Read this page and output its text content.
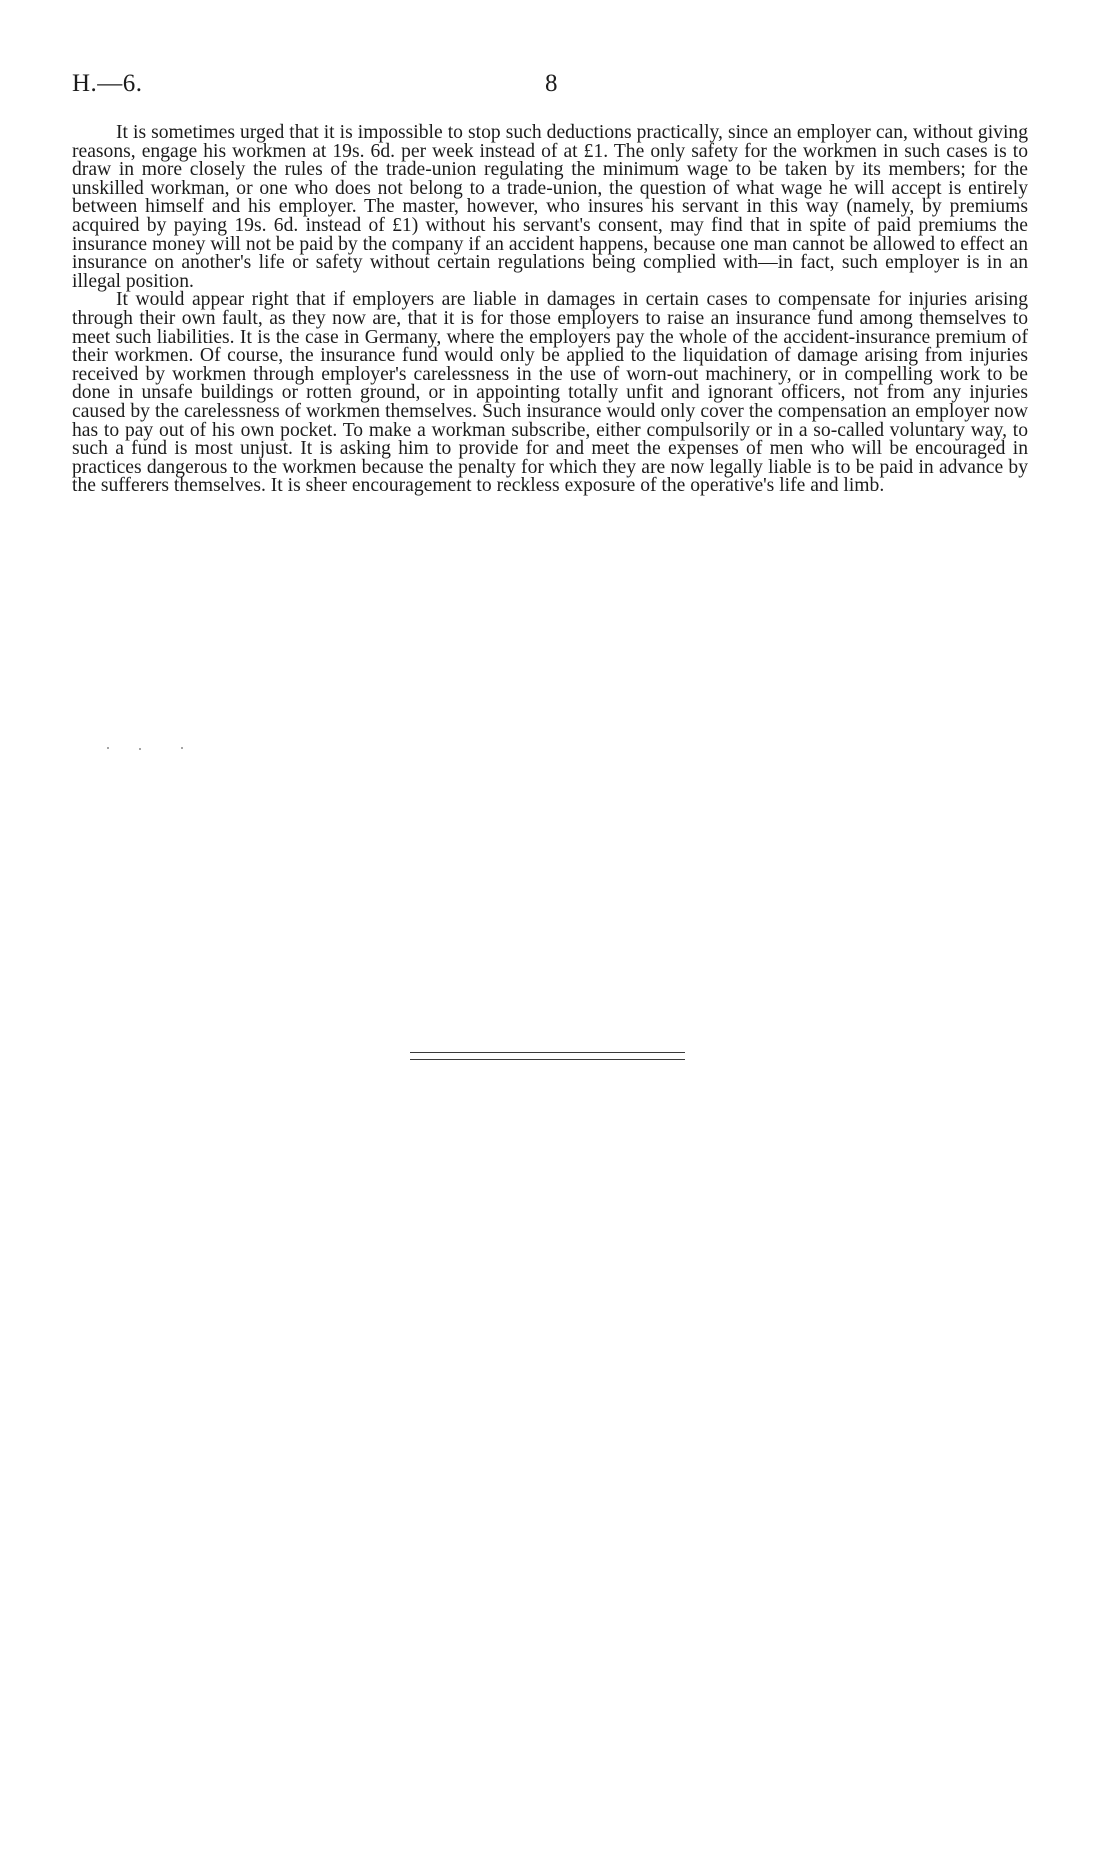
H.—6.	8

It is sometimes urged that it is impossible to stop such deductions practically, since an employer can, without giving reasons, engage his workmen at 19s. 6d. per week instead of at £1. The only safety for the workmen in such cases is to draw in more closely the rules of the trade-union regulating the minimum wage to be taken by its members; for the unskilled workman, or one who does not belong to a trade-union, the question of what wage he will accept is entirely between himself and his employer. The master, however, who insures his servant in this way (namely, by premiums acquired by paying 19s. 6d. instead of £1) without his servant's consent, may find that in spite of paid premiums the insurance money will not be paid by the company if an accident happens, because one man cannot be allowed to effect an insurance on another's life or safety without certain regulations being complied with—in fact, such employer is in an illegal position.

It would appear right that if employers are liable in damages in certain cases to compensate for injuries arising through their own fault, as they now are, that it is for those employers to raise an insurance fund among themselves to meet such liabilities. It is the case in Germany, where the employers pay the whole of the accident-insurance premium of their workmen. Of course, the insurance fund would only be applied to the liquidation of damage arising from injuries received by workmen through employer's carelessness in the use of worn-out machinery, or in compelling work to be done in unsafe buildings or rotten ground, or in appointing totally unfit and ignorant officers, not from any injuries caused by the carelessness of workmen themselves. Such insurance would only cover the compensation an employer now has to pay out of his own pocket. To make a workman subscribe, either compulsorily or in a so-called voluntary way, to such a fund is most unjust. It is asking him to provide for and meet the expenses of men who will be encouraged in practices dangerous to the workmen because the penalty for which they are now legally liable is to be paid in advance by the sufferers themselves. It is sheer encouragement to reckless exposure of the operative's life and limb.
